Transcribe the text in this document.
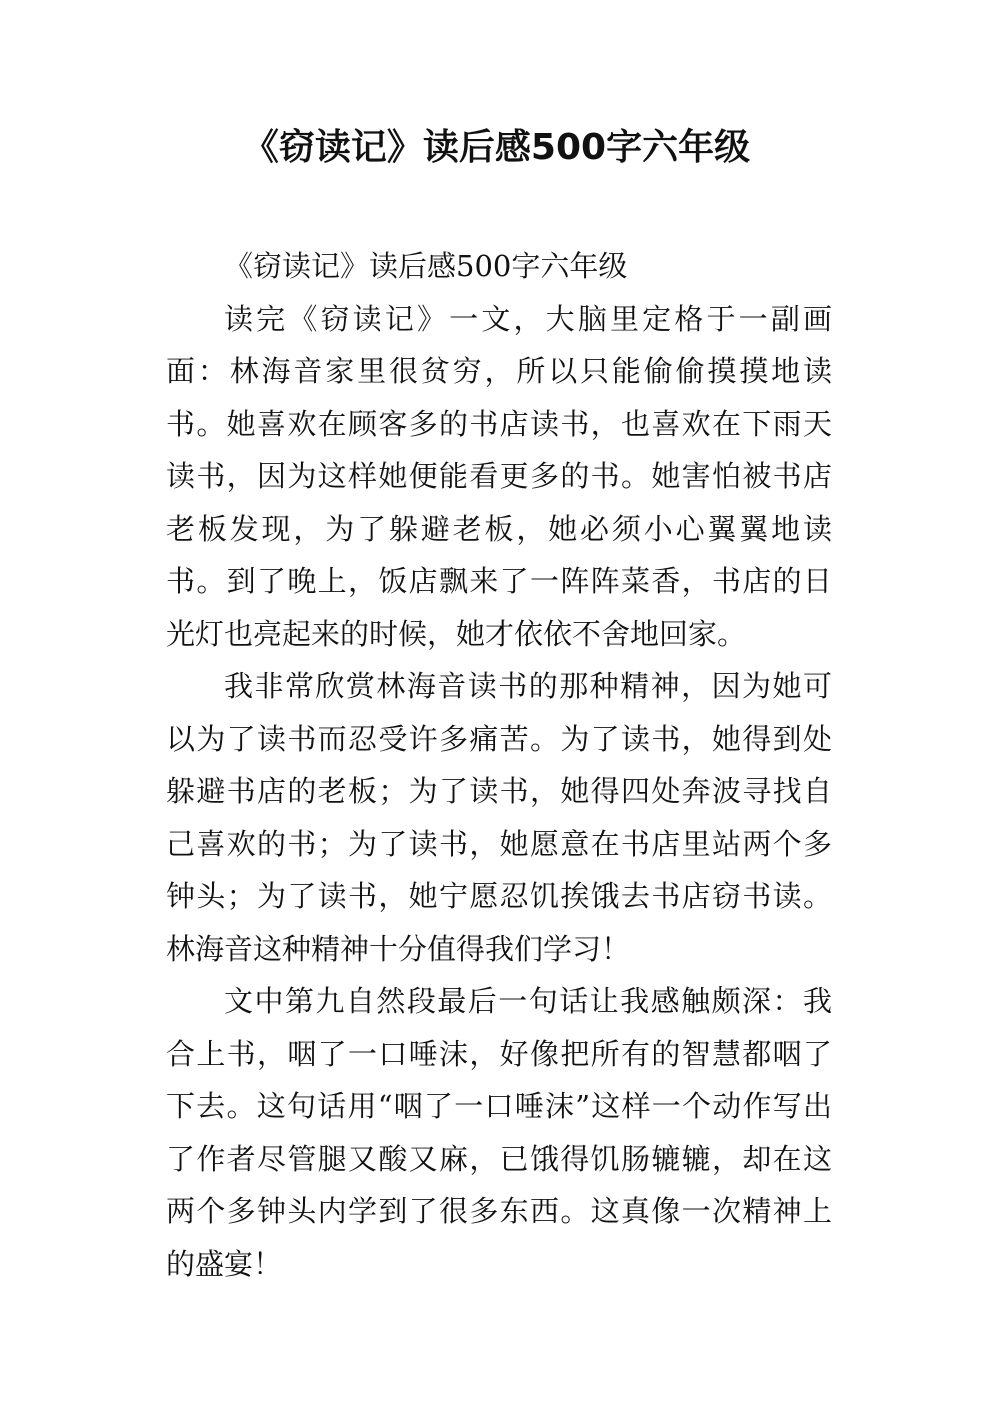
《窃读记》读后感500字六年级

《窃读记》读后感500字六年级

读完《窃读记》一文，大脑里定格于一副画面：林海音家里很贫穷，所以只能偷偷摸摸地读书。她喜欢在顾客多的书店读书，也喜欢在下雨天读书，因为这样她便能看更多的书。她害怕被书店老板发现，为了躲避老板，她必须小心翼翼地读书。到了晚上，饭店飘来了一阵阵菜香，书店的日光灯也亮起来的时候，她才依依不舍地回家。

我非常欣赏林海音读书的那种精神，因为她可以为了读书而忍受许多痛苦。为了读书，她得到处躲避书店的老板；为了读书，她得四处奔波寻找自己喜欢的书；为了读书，她愿意在书店里站两个多钟头；为了读书，她宁愿忍饥挨饿去书店窃书读。林海音这种精神十分值得我们学习！

文中第九自然段最后一句话让我感触颇深：我合上书，咽了一口唾沫，好像把所有的智慧都咽了下去。这句话用“咽了一口唾沫”这样一个动作写出了作者尽管腿又酸又麻，已饿得饥肠辘辘，却在这两个多钟头内学到了很多东西。这真像一次精神上的盛宴！
